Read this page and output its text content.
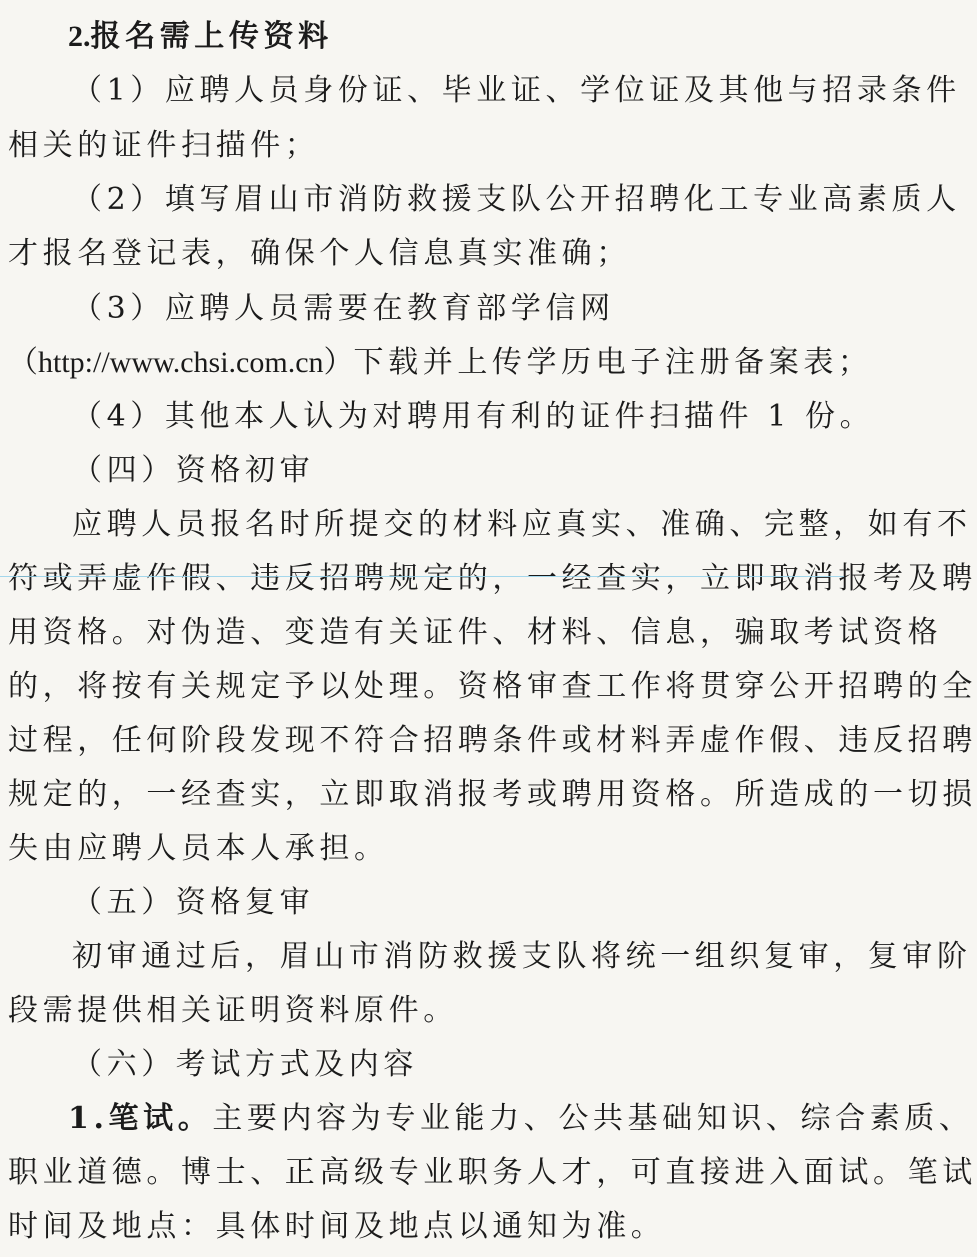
2.报名需上传资料
（1）应聘人员身份证、毕业证、学位证及其他与招录条件
相关的证件扫描件；
（2）填写眉山市消防救援支队公开招聘化工专业高素质人
才报名登记表，确保个人信息真实准确；
（3）应聘人员需要在教育部学信网
（http://www.chsi.com.cn）下载并上传学历电子注册备案表；
（4）其他本人认为对聘用有利的证件扫描件 1 份。
（四）资格初审
应聘人员报名时所提交的材料应真实、准确、完整，如有不
符或弄虚作假、违反招聘规定的，一经查实，立即取消报考及聘
用资格。对伪造、变造有关证件、材料、信息，骗取考试资格
的，将按有关规定予以处理。资格审查工作将贯穿公开招聘的全
过程，任何阶段发现不符合招聘条件或材料弄虚作假、违反招聘
规定的，一经查实，立即取消报考或聘用资格。所造成的一切损
失由应聘人员本人承担。
（五）资格复审
初审通过后，眉山市消防救援支队将统一组织复审，复审阶
段需提供相关证明资料原件。
（六）考试方式及内容
1.笔试。主要内容为专业能力、公共基础知识、综合素质、
职业道德。博士、正高级专业职务人才，可直接进入面试。笔试
时间及地点：具体时间及地点以通知为准。
